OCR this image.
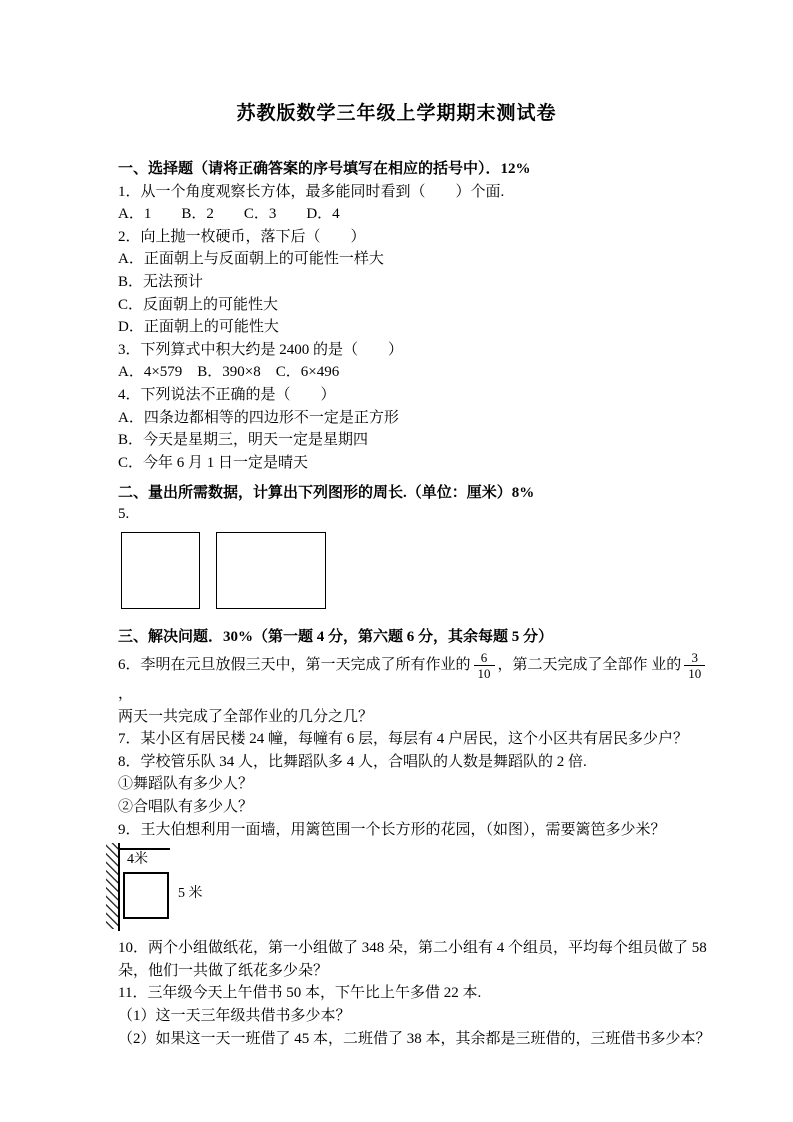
苏教版数学三年级上学期期末测试卷
一、选择题（请将正确答案的序号填写在相应的括号中）．12%
1．从一个角度观察长方体，最多能同时看到（　　）个面.
A．1　　B．2　　C．3　　D．4
2．向上抛一枚硬币，落下后（　　）
A．正面朝上与反面朝上的可能性一样大
B．无法预计
C．反面朝上的可能性大
D．正面朝上的可能性大
3．下列算式中积大约是 2400 的是（　　）
A．4×579　B．390×8　C．6×496
4．下列说法不正确的是（　　）
A．四条边都相等的四边形不一定是正方形
B．今天是星期三，明天一定是星期四
C．今年 6 月 1 日一定是晴天
二、量出所需数据，计算出下列图形的周长.（单位：厘米）8%
5.
三、解决问题．30%（第一题 4 分，第六题 6 分，其余每题 5 分）
6．李明在元旦放假三天中，第一天完成了所有作业的 $\frac{6}{10}$ ，第二天完成了全部作 业的 $\frac{3}{10}$
，
两天一共完成了全部作业的几分之几？
7．某小区有居民楼 24 幢，每幢有 6 层，每层有 4 户居民，这个小区共有居民多少户？
8．学校管乐队 34 人，比舞蹈队多 4 人，合唱队的人数是舞蹈队的 2 倍.
①舞蹈队有多少人？
②合唱队有多少人？
9．王大伯想利用一面墙，用篱笆围一个长方形的花园，（如图），需要篱笆多少米？
4米
5 米
10．两个小组做纸花，第一小组做了 348 朵，第二小组有 4 个组员，平均每个组员做了 58 朵，他们一共做了纸花多少朵？
11．三年级今天上午借书 50 本，下午比上午多借 22 本.
（1）这一天三年级共借书多少本？
（2）如果这一天一班借了 45 本，二班借了 38 本，其余都是三班借的，三班借书多少本？
